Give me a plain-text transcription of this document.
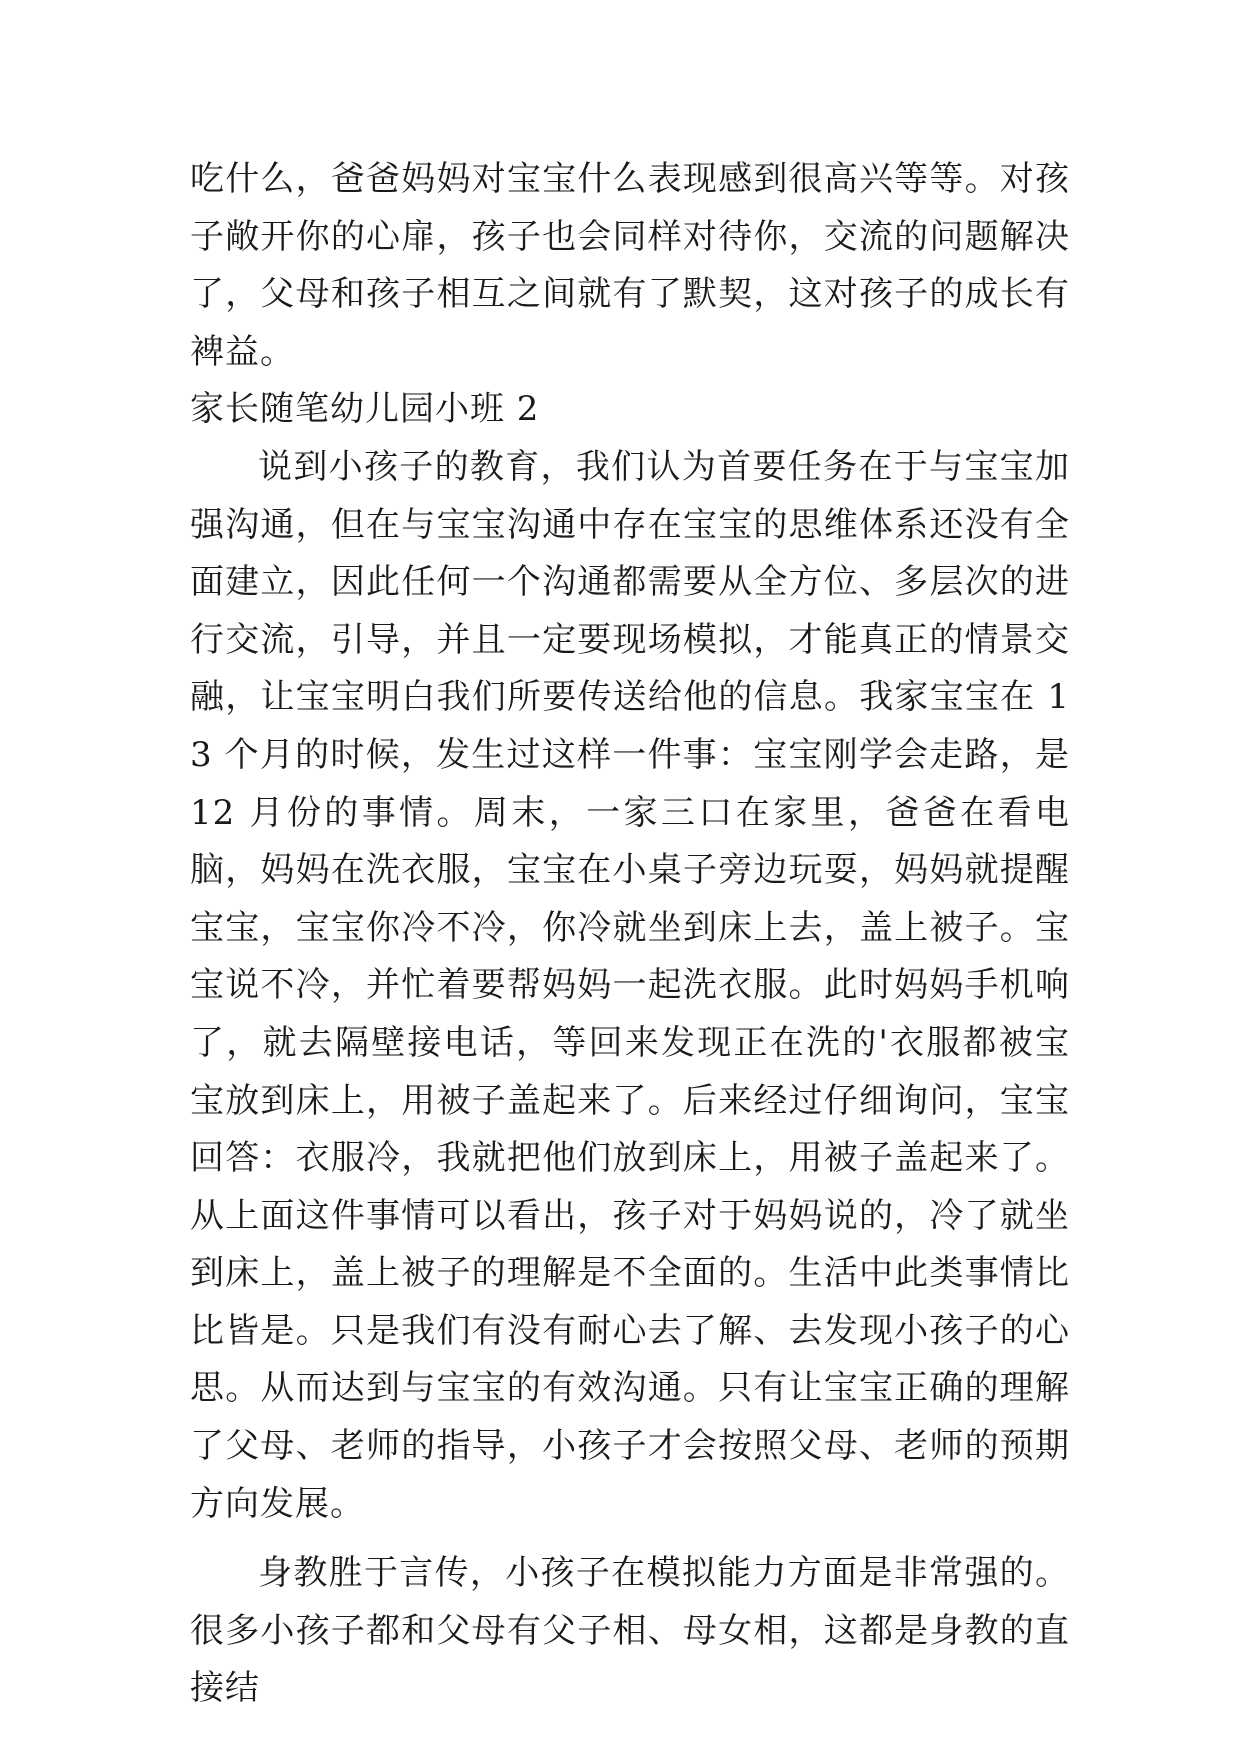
吃什么，爸爸妈妈对宝宝什么表现感到很高兴等等。对孩子敞开你的心扉，孩子也会同样对待你，交流的问题解决了，父母和孩子相互之间就有了默契，这对孩子的成长有裨益。

家长随笔幼儿园小班 2

说到小孩子的教育，我们认为首要任务在于与宝宝加强沟通，但在与宝宝沟通中存在宝宝的思维体系还没有全面建立，因此任何一个沟通都需要从全方位、多层次的进行交流，引导，并且一定要现场模拟，才能真正的情景交融，让宝宝明白我们所要传送给他的信息。我家宝宝在 13 个月的时候，发生过这样一件事：宝宝刚学会走路，是 12 月份的事情。周末，一家三口在家里，爸爸在看电脑，妈妈在洗衣服，宝宝在小桌子旁边玩耍，妈妈就提醒宝宝，宝宝你冷不冷，你冷就坐到床上去，盖上被子。宝宝说不冷，并忙着要帮妈妈一起洗衣服。此时妈妈手机响了，就去隔壁接电话，等回来发现正在洗的'衣服都被宝宝放到床上，用被子盖起来了。后来经过仔细询问，宝宝回答：衣服冷，我就把他们放到床上，用被子盖起来了。从上面这件事情可以看出，孩子对于妈妈说的，冷了就坐到床上，盖上被子的理解是不全面的。生活中此类事情比比皆是。只是我们有没有耐心去了解、去发现小孩子的心思。从而达到与宝宝的有效沟通。只有让宝宝正确的理解了父母、老师的指导，小孩子才会按照父母、老师的预期方向发展。

身教胜于言传，小孩子在模拟能力方面是非常强的。很多小孩子都和父母有父子相、母女相，这都是身教的直接结
